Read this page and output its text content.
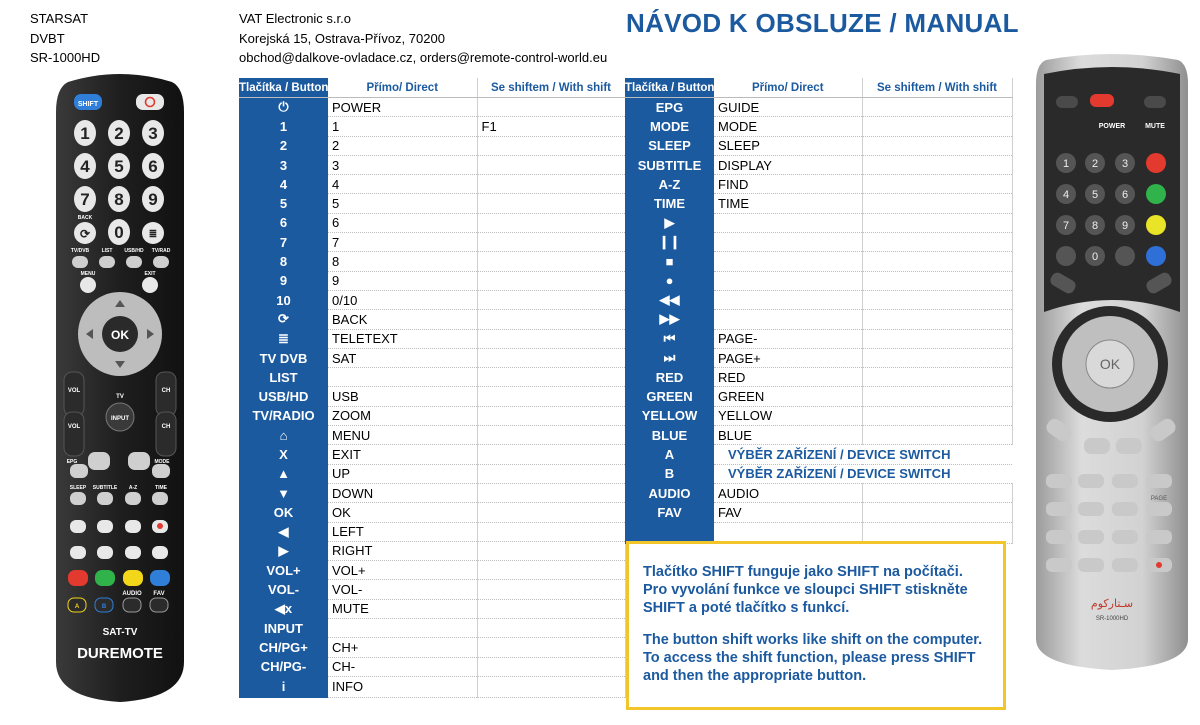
STARSAT
DVBT
SR-1000HD
VAT Electronic s.r.o
Korejská 15, Ostrava-Přívoz, 70200
obchod@dalkove-ovladace.cz, orders@remote-control-world.eu
NÁVOD K OBSLUZE / MANUAL
Tlačítka / Button	Přímo/ Direct	Se shiftem / With shift
⏻	POWER	
1	1	F1
2	2	
3	3	
4	4	
5	5	
6	6	
7	7	
8	8	
9	9	
10	0/10	
⟳	BACK	
≣	TELETEXT	
TV DVB	SAT	
LIST		
USB/HD	USB	
TV/RADIO	ZOOM	
⌂	MENU	
X	EXIT	
▲	UP	
▼	DOWN	
OK	OK	
◀	LEFT	
▶	RIGHT	
VOL+	VOL+	
VOL-	VOL-	
◀x	MUTE	
INPUT		
CH/PG+	CH+	
CH/PG-	CH-	
i	INFO	
Tlačítka / Button	Přímo/ Direct	Se shiftem / With shift
EPG	GUIDE	
MODE	MODE	
SLEEP	SLEEP	
SUBTITLE	DISPLAY	
A-Z	FIND	
TIME	TIME	
▶		
❙❙		
■		
●		
◀◀		
▶▶		
⏮	PAGE-	
⏭	PAGE+	
RED	RED	
GREEN	GREEN	
YELLOW	YELLOW	
BLUE	BLUE	
A	VÝBĚR ZAŘÍZENÍ / DEVICE SWITCH	
B	VÝBĚR ZAŘÍZENÍ / DEVICE SWITCH	
AUDIO	AUDIO	
FAV	FAV	

Tlačítko SHIFT funguje jako SHIFT na počítači. Pro vyvolání funkce ve sloupci SHIFT stiskněte SHIFT a poté tlačítko s funkcí.

The button shift works like shift on the computer. To access the shift function, please press SHIFT and then the appropriate button.

SHIFT
1 2 3
4 5 6
7 8 9
⟳ 0	≣
BACK
TV/DVB LIST USB/HD TV/RAD
MENU	EXIT
OK
TV
INPUT
VOL	CH
VOL	CH
EPG	MODE
SLEEP SUBTITLE A-Z	TIME
A	B
AUDIO FAV
SAT-TV
DUREMOTE
POWER	MUTE
1 2 3
4 5 6
7 8 9
0
OK
PAGE
سـتارکوم
SR-1000HD
